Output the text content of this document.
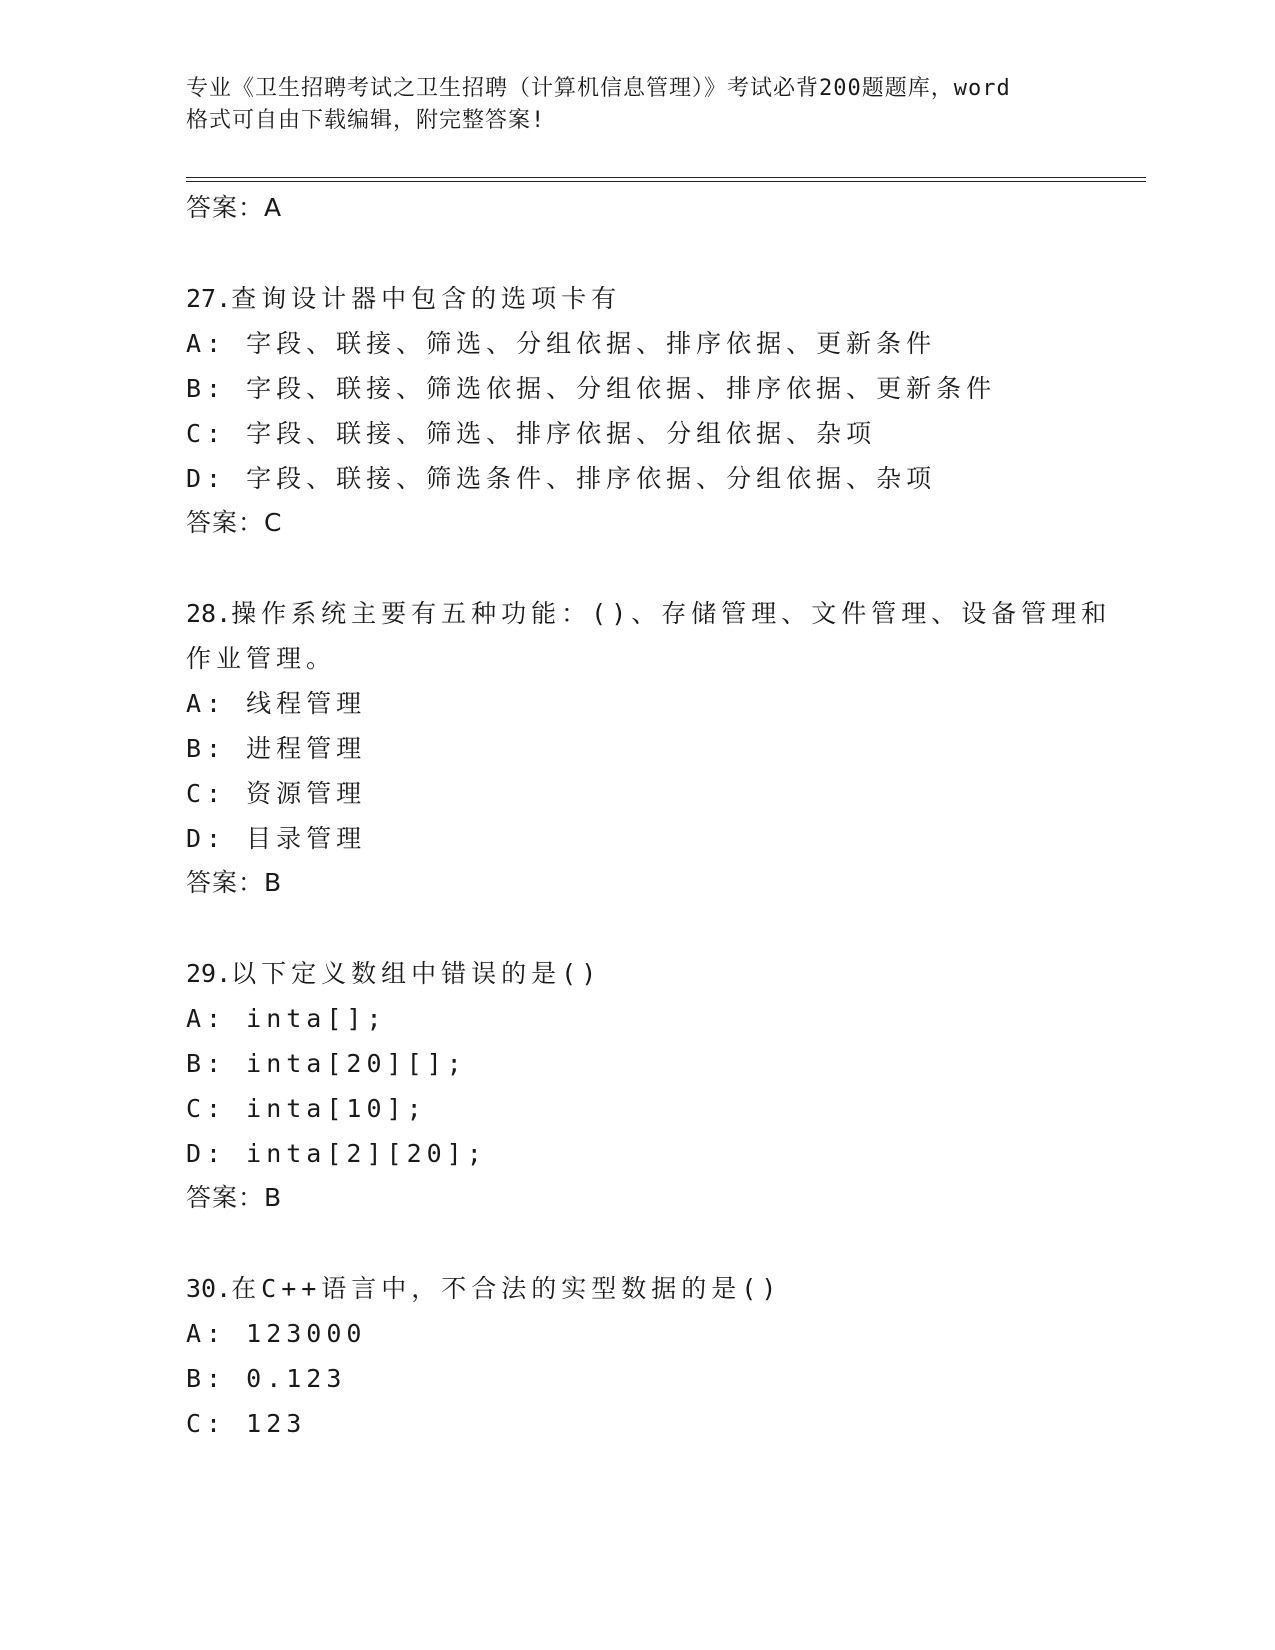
专业《卫生招聘考试之卫生招聘（计算机信息管理）》考试必背200题题库，word
格式可自由下载编辑，附完整答案!
答案：A
27.查询设计器中包含的选项卡有
A: 字段、联接、筛选、分组依据、排序依据、更新条件
B: 字段、联接、筛选依据、分组依据、排序依据、更新条件
C: 字段、联接、筛选、排序依据、分组依据、杂项
D: 字段、联接、筛选条件、排序依据、分组依据、杂项
答案：C
28.操作系统主要有五种功能：()、存储管理、文件管理、设备管理和
作业管理。
A: 线程管理
B: 进程管理
C: 资源管理
D: 目录管理
答案：B
29.以下定义数组中错误的是()
A: inta[];
B: inta[20][];
C: inta[10];
D: inta[2][20];
答案：B
30.在C++语言中，不合法的实型数据的是()
A: 123000
B: 0.123
C: 123
